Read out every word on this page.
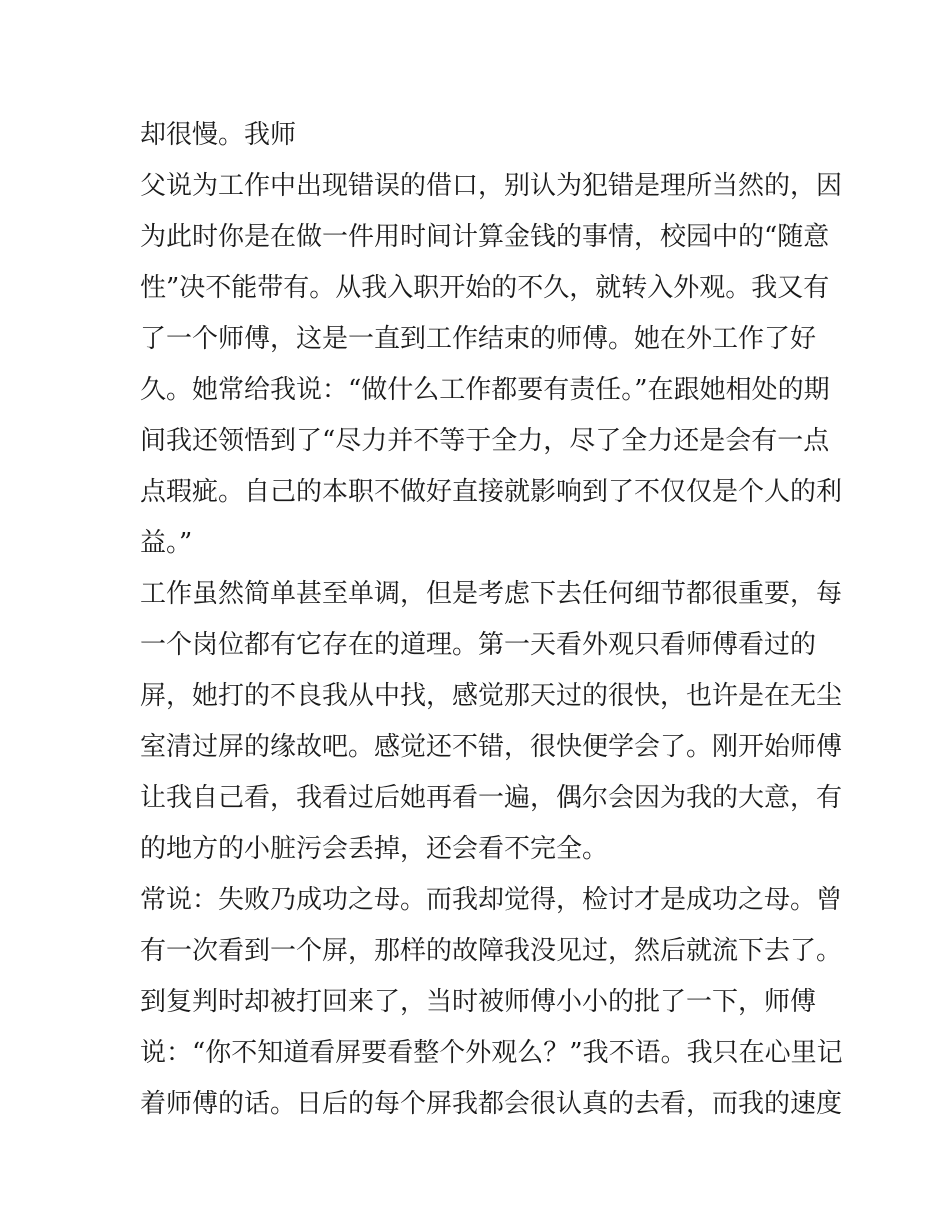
却很慢。我师
父说为工作中出现错误的借口，别认为犯错是理所当然的，因
为此时你是在做一件用时间计算金钱的事情，校园中的“随意
性”决不能带有。从我入职开始的不久，就转入外观。我又有
了一个师傅，这是一直到工作结束的师傅。她在外工作了好
久。她常给我说：“做什么工作都要有责任。”在跟她相处的期
间我还领悟到了“尽力并不等于全力，尽了全力还是会有一点
点瑕疵。自己的本职不做好直接就影响到了不仅仅是个人的利
益。”
工作虽然简单甚至单调，但是考虑下去任何细节都很重要，每
一个岗位都有它存在的道理。第一天看外观只看师傅看过的
屏，她打的不良我从中找，感觉那天过的很快，也许是在无尘
室清过屏的缘故吧。感觉还不错，很快便学会了。刚开始师傅
让我自己看，我看过后她再看一遍，偶尔会因为我的大意，有
的地方的小脏污会丢掉，还会看不完全。
常说：失败乃成功之母。而我却觉得，检讨才是成功之母。曾
有一次看到一个屏，那样的故障我没见过，然后就流下去了。
到复判时却被打回来了，当时被师傅小小的批了一下，师傅
说：“你不知道看屏要看整个外观么？”我不语。我只在心里记
着师傅的话。日后的每个屏我都会很认真的去看，而我的速度
